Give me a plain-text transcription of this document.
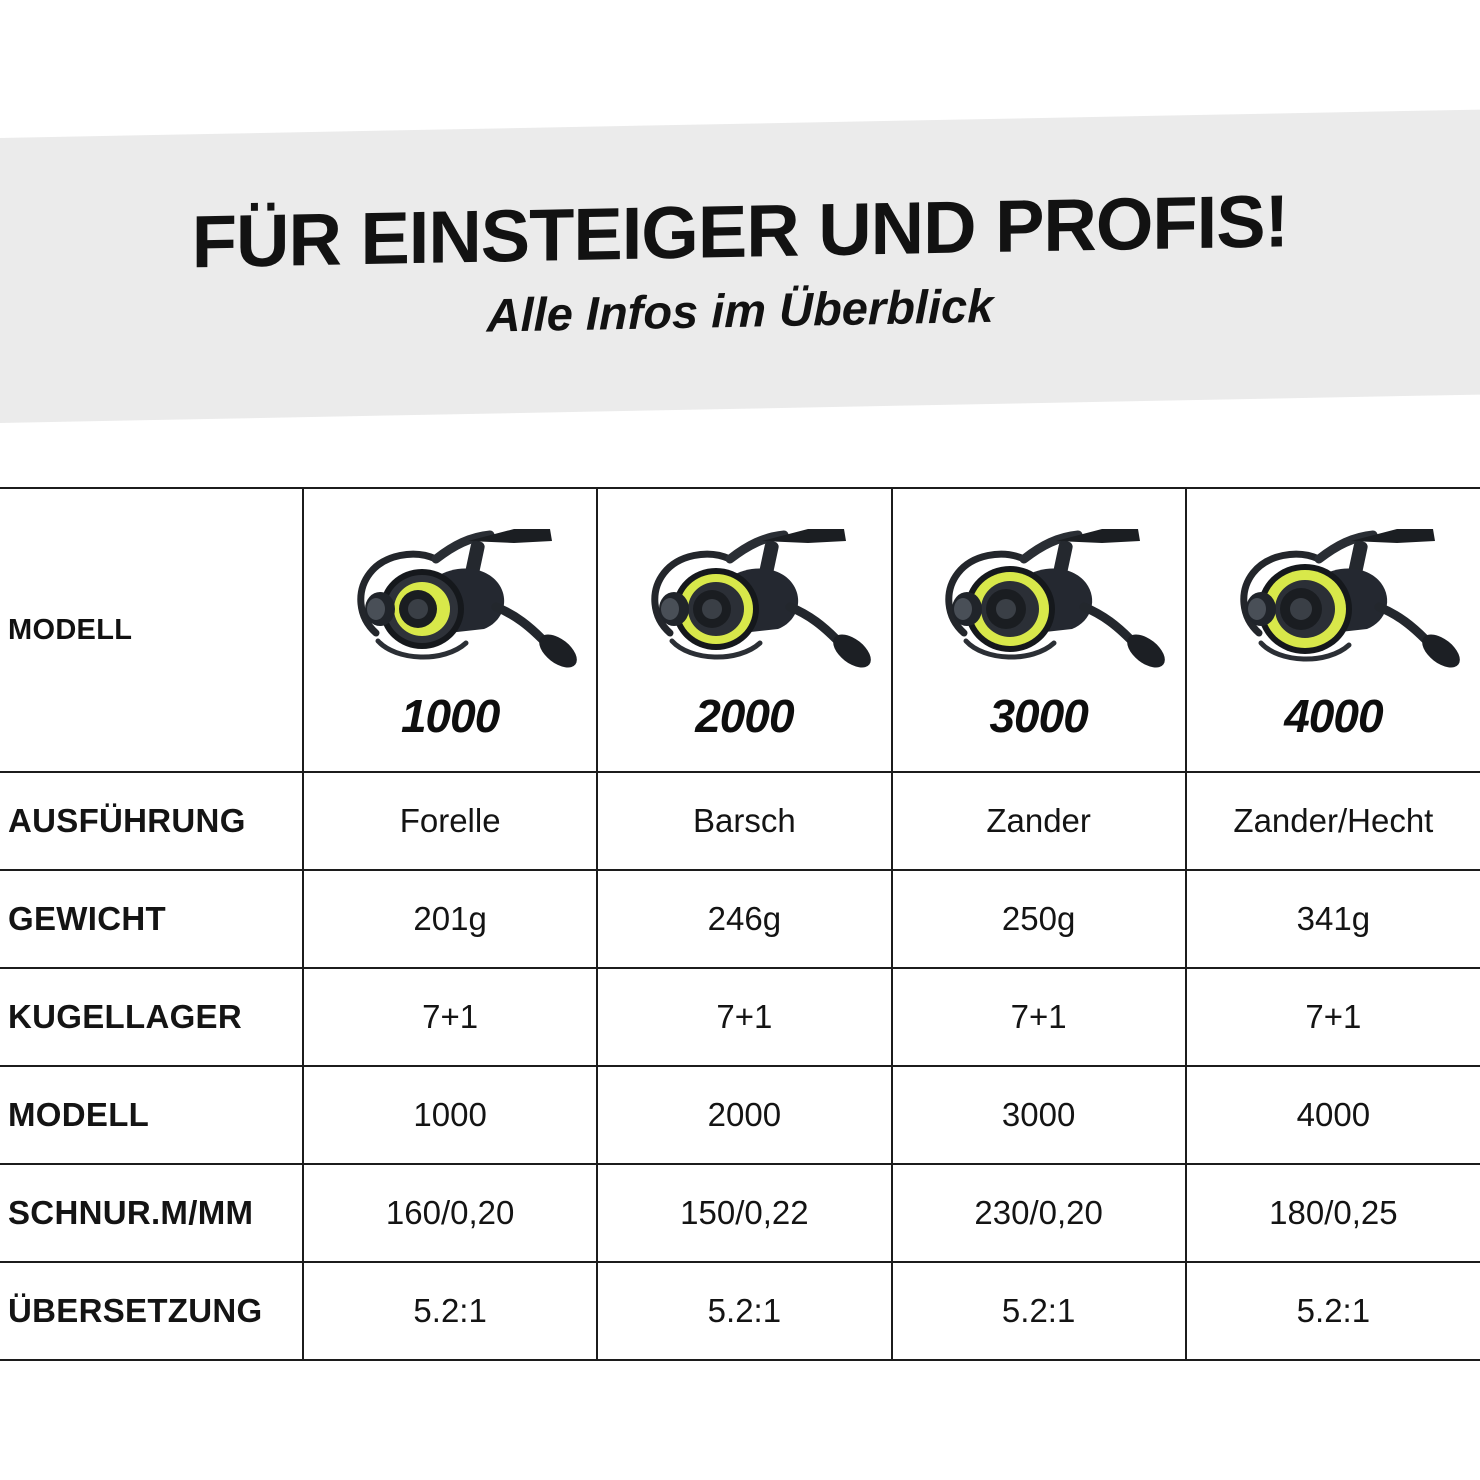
FÜR EINSTEIGER UND PROFIS!
Alle Infos im Überblick
MODELL	1000	2000	3000	4000

AUSFÜHRUNG	Forelle	Barsch	Zander	Zander/Hecht
GEWICHT	201g	246g	250g	341g
KUGELLAGER	7+1	7+1	7+1	7+1
MODELL	1000	2000	3000	4000
SCHNUR.M/MM	160/0,20	150/0,22	230/0,20	180/0,25
ÜBERSETZUNG	5.2:1	5.2:1	5.2:1	5.2:1
